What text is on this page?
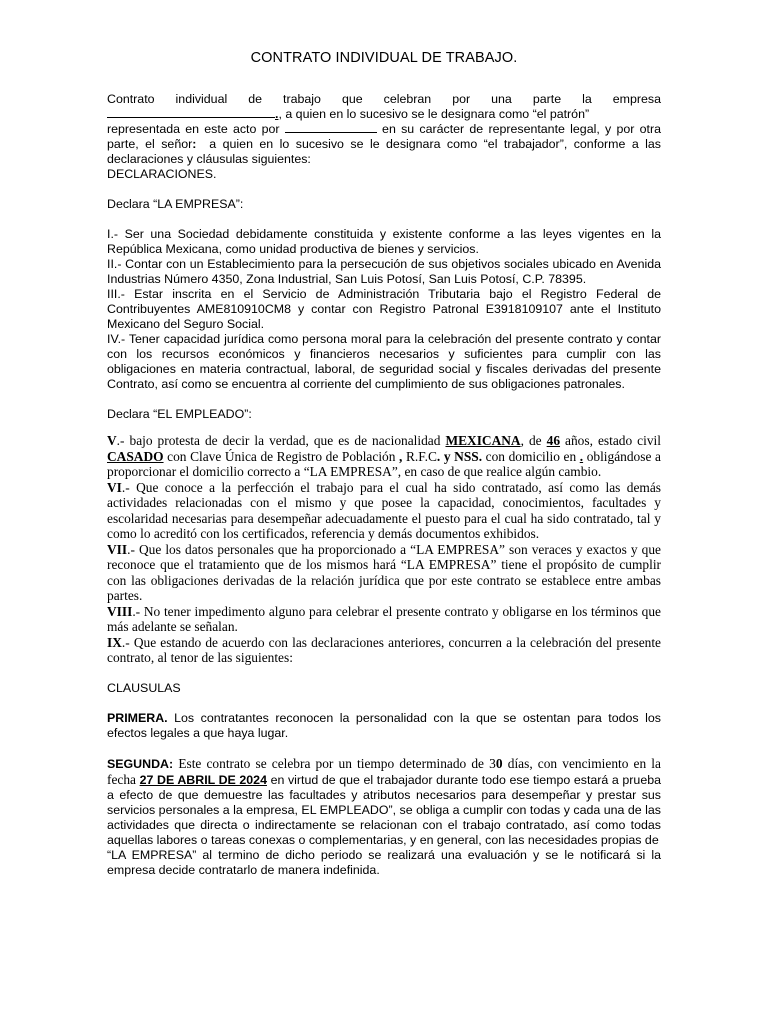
CONTRATO INDIVIDUAL DE TRABAJO.

Contrato individual de trabajo que celebran por una parte la empresa

., a quien en lo sucesivo se le designara como “el patrón”

representada en este acto por	en su carácter de representante legal, y por otra

parte, el señor: a quien en lo sucesivo se le designara como “el trabajador”, conforme a las

declaraciones y cláusulas siguientes:

DECLARACIONES.

Declara “LA EMPRESA”:

I.- Ser una Sociedad debidamente constituida y existente conforme a las leyes vigentes en la República Mexicana, como unidad productiva de bienes y servicios.

II.- Contar con un Establecimiento para la persecución de sus objetivos sociales ubicado en Avenida Industrias Número 4350, Zona Industrial, San Luis Potosí, San Luis Potosí, C.P. 78395.

III.- Estar inscrita en el Servicio de Administración Tributaria bajo el Registro Federal de Contribuyentes AME810910CM8 y contar con Registro Patronal E3918109107 ante el Instituto Mexicano del Seguro Social.

IV.- Tener capacidad jurídica como persona moral para la celebración del presente contrato y contar con los recursos económicos y financieros necesarios y suficientes para cumplir con las obligaciones en materia contractual, laboral, de seguridad social y fiscales derivadas del presente Contrato, así como se encuentra al corriente del cumplimiento de sus obligaciones patronales.

Declara “EL EMPLEADO”:

V.- bajo protesta de decir la verdad, que es de nacionalidad MEXICANA, de 46 años, estado civil CASADO con Clave Única de Registro de Población , R.F.C. y NSS. con domicilio en . obligándose a proporcionar el domicilio correcto a “LA EMPRESA”, en caso de que realice algún cambio.

VI.- Que conoce a la perfección el trabajo para el cual ha sido contratado, así como las demás actividades relacionadas con el mismo y que posee la capacidad, conocimientos, facultades y escolaridad necesarias para desempeñar adecuadamente el puesto para el cual ha sido contratado, tal y como lo acreditó con los certificados, referencia y demás documentos exhibidos.

VII.- Que los datos personales que ha proporcionado a “LA EMPRESA” son veraces y exactos y que reconoce que el tratamiento que de los mismos hará “LA EMPRESA” tiene el propósito de cumplir con las obligaciones derivadas de la relación jurídica que por este contrato se establece entre ambas partes.

VIII.- No tener impedimento alguno para celebrar el presente contrato y obligarse en los términos que más adelante se señalan.

IX.- Que estando de acuerdo con las declaraciones anteriores, concurren a la celebración del presente contrato, al tenor de las siguientes:

CLAUSULAS

PRIMERA. Los contratantes reconocen la personalidad con la que se ostentan para todos los efectos legales a que haya lugar.

SEGUNDA: Este contrato se celebra por un tiempo determinado de 30 días, con vencimiento en la fecha 27 DE ABRIL DE 2024 en virtud de que el trabajador durante todo ese tiempo estará a prueba a efecto de que demuestre las facultades y atributos necesarios para desempeñar y prestar sus servicios personales a la empresa, EL EMPLEADO”, se obliga a cumplir con todas y cada una de las actividades que directa o indirectamente se relacionan con el trabajo contratado, así como todas aquellas labores o tareas conexas o complementarias, y en general, con las necesidades propias de

“LA EMPRESA” al termino de dicho periodo se realizará una evaluación y se le notificará si la empresa decide contratarlo de manera indefinida.
